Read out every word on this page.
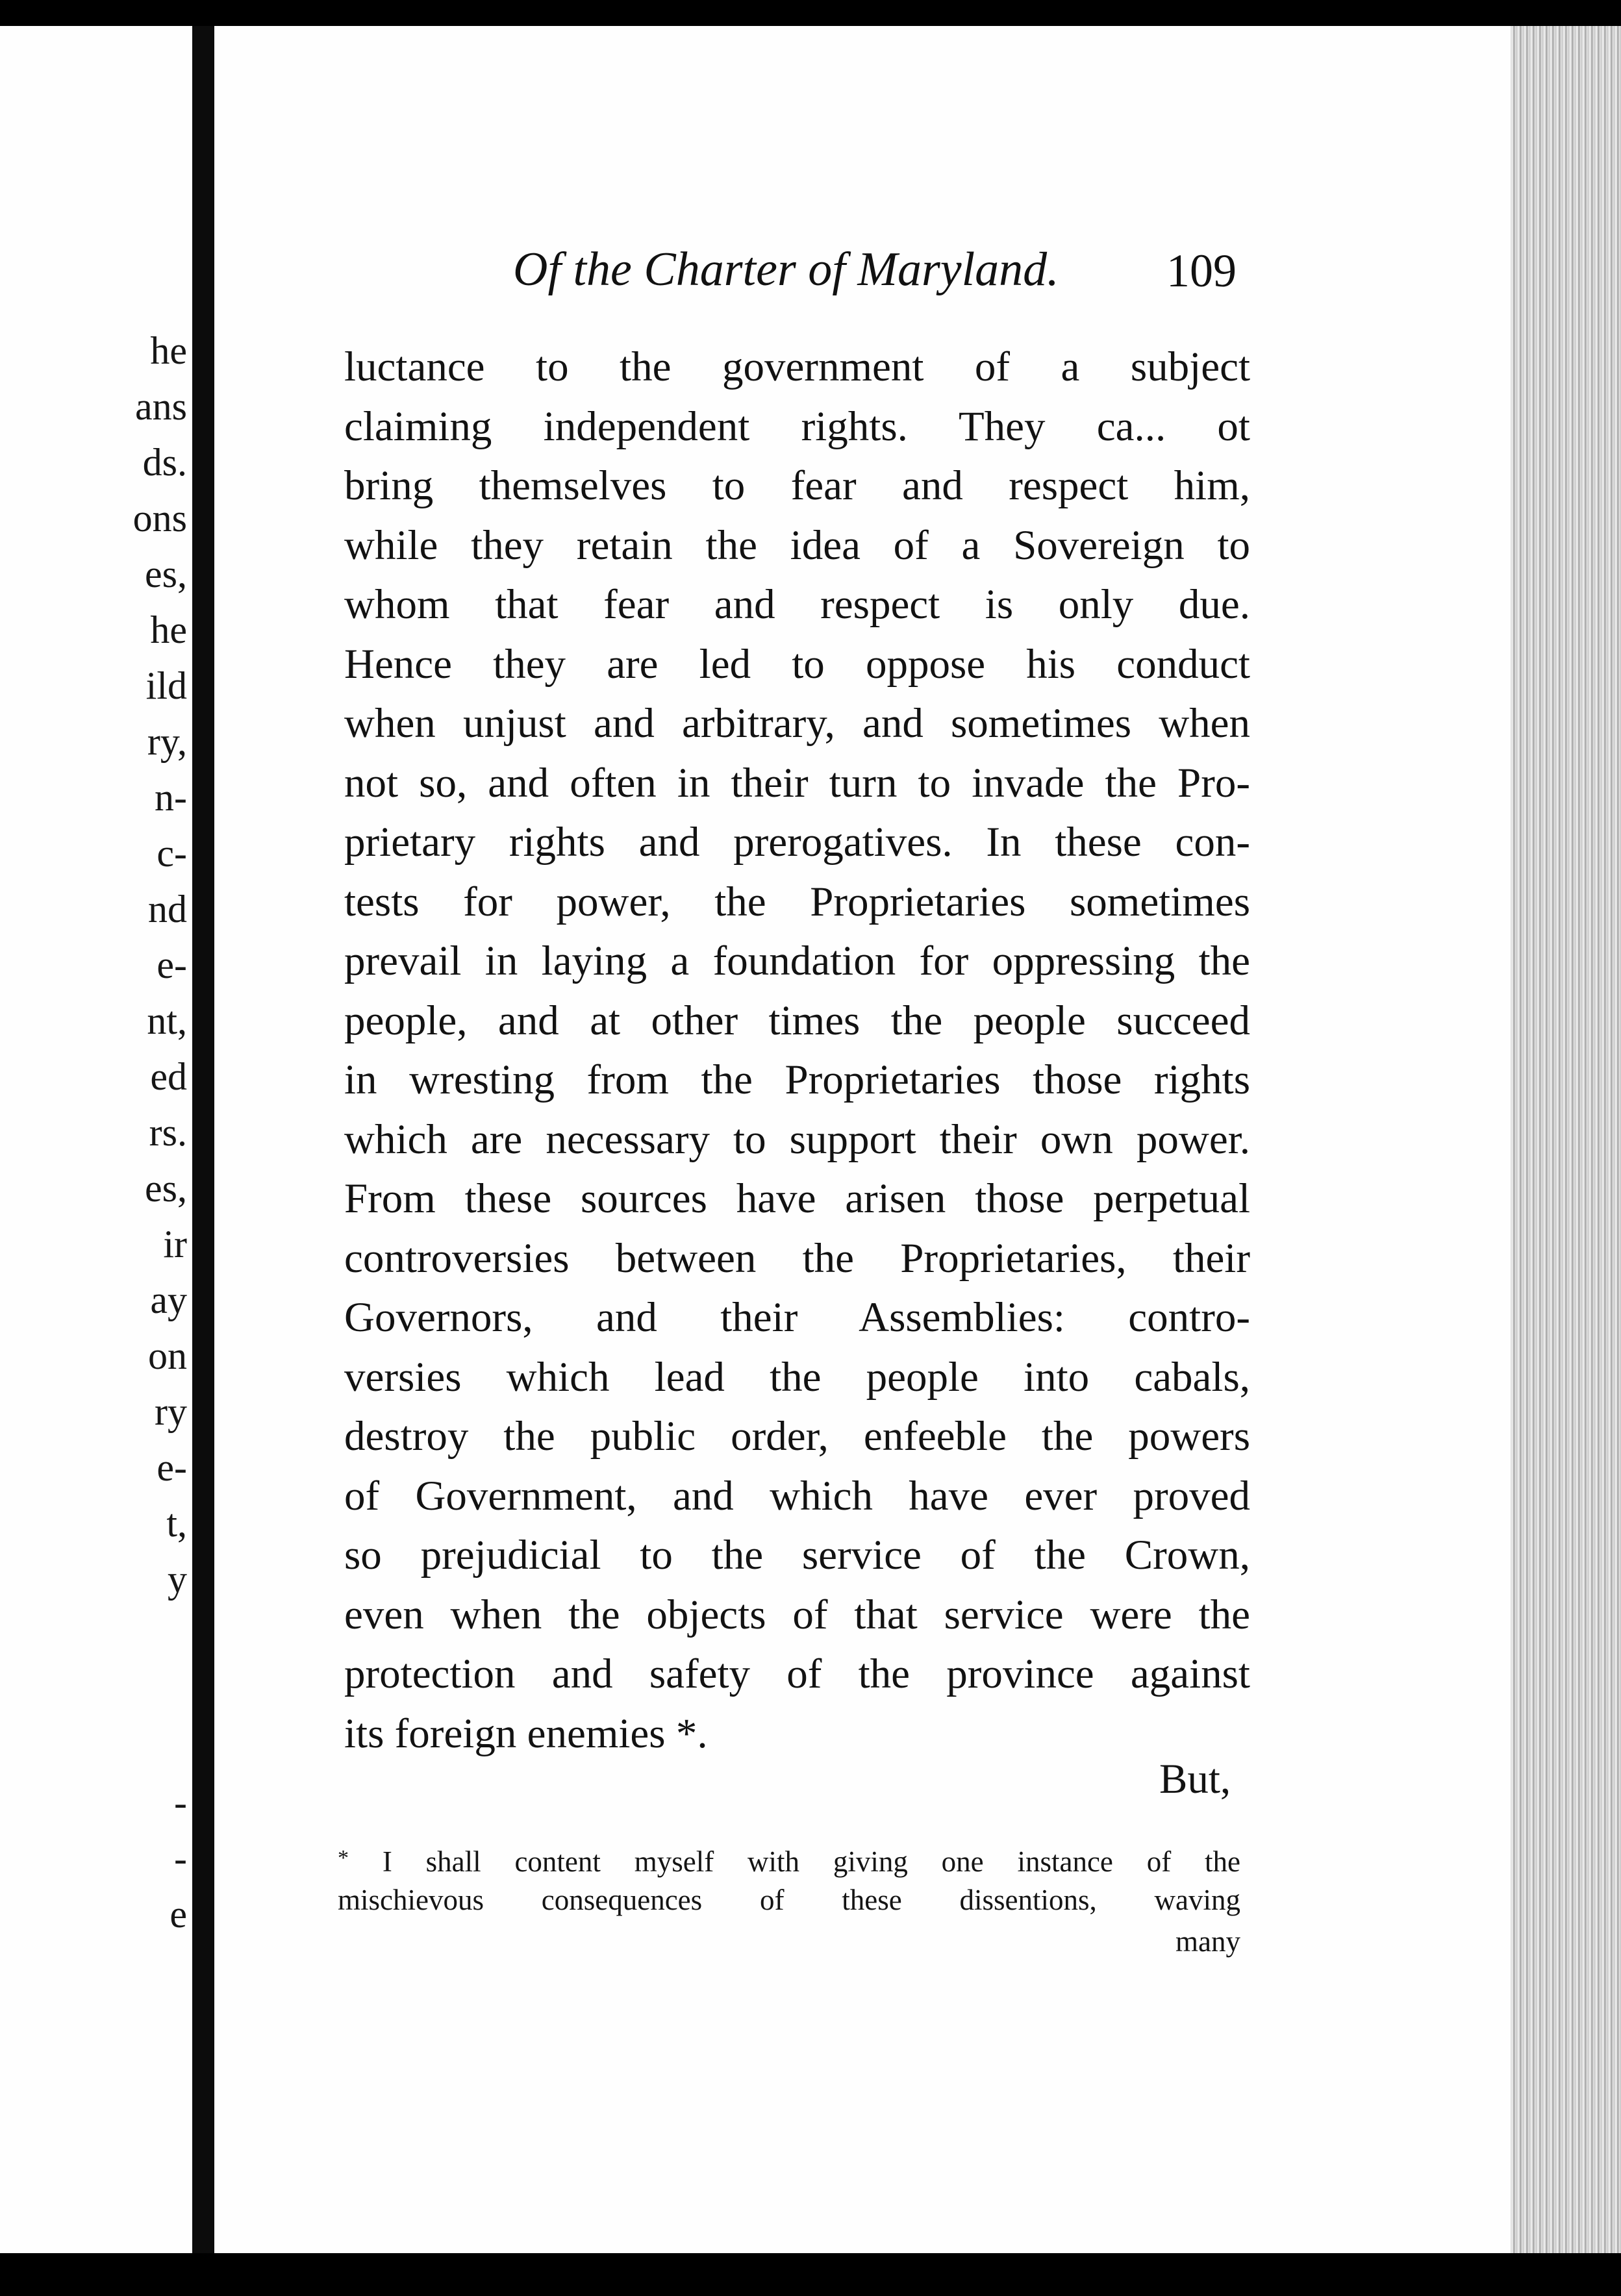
he
ans
ds.
ons
es,
he
ild
ry,
n-
c-
nd
e-
nt,
ed
rs.
es,
ir
ay
on
ry
e-
t,
y
-
-
e
Of the Charter of Maryland. 109
luctance to the government of a subject
claiming independent rights. They ca... ot
bring themselves to fear and respect him,
while they retain the idea of a Sovereign to
whom that fear and respect is only due.
Hence they are led to oppose his conduct
when unjust and arbitrary, and sometimes when
not so, and often in their turn to invade the Pro-
prietary rights and prerogatives. In these con-
tests for power, the Proprietaries sometimes
prevail in laying a foundation for oppressing the
people, and at other times the people succeed
in wresting from the Proprietaries those rights
which are necessary to support their own power.
From these sources have arisen those perpetual
controversies between the Proprietaries, their
Governors, and their Assemblies: contro-
versies which lead the people into cabals,
destroy the public order, enfeeble the powers
of Government, and which have ever proved
so prejudicial to the service of the Crown,
even when the objects of that service were the
protection and safety of the province against
its foreign enemies *.
But,
* I shall content myself with giving one instance of the
mischievous consequences of these dissentions, waving
many
